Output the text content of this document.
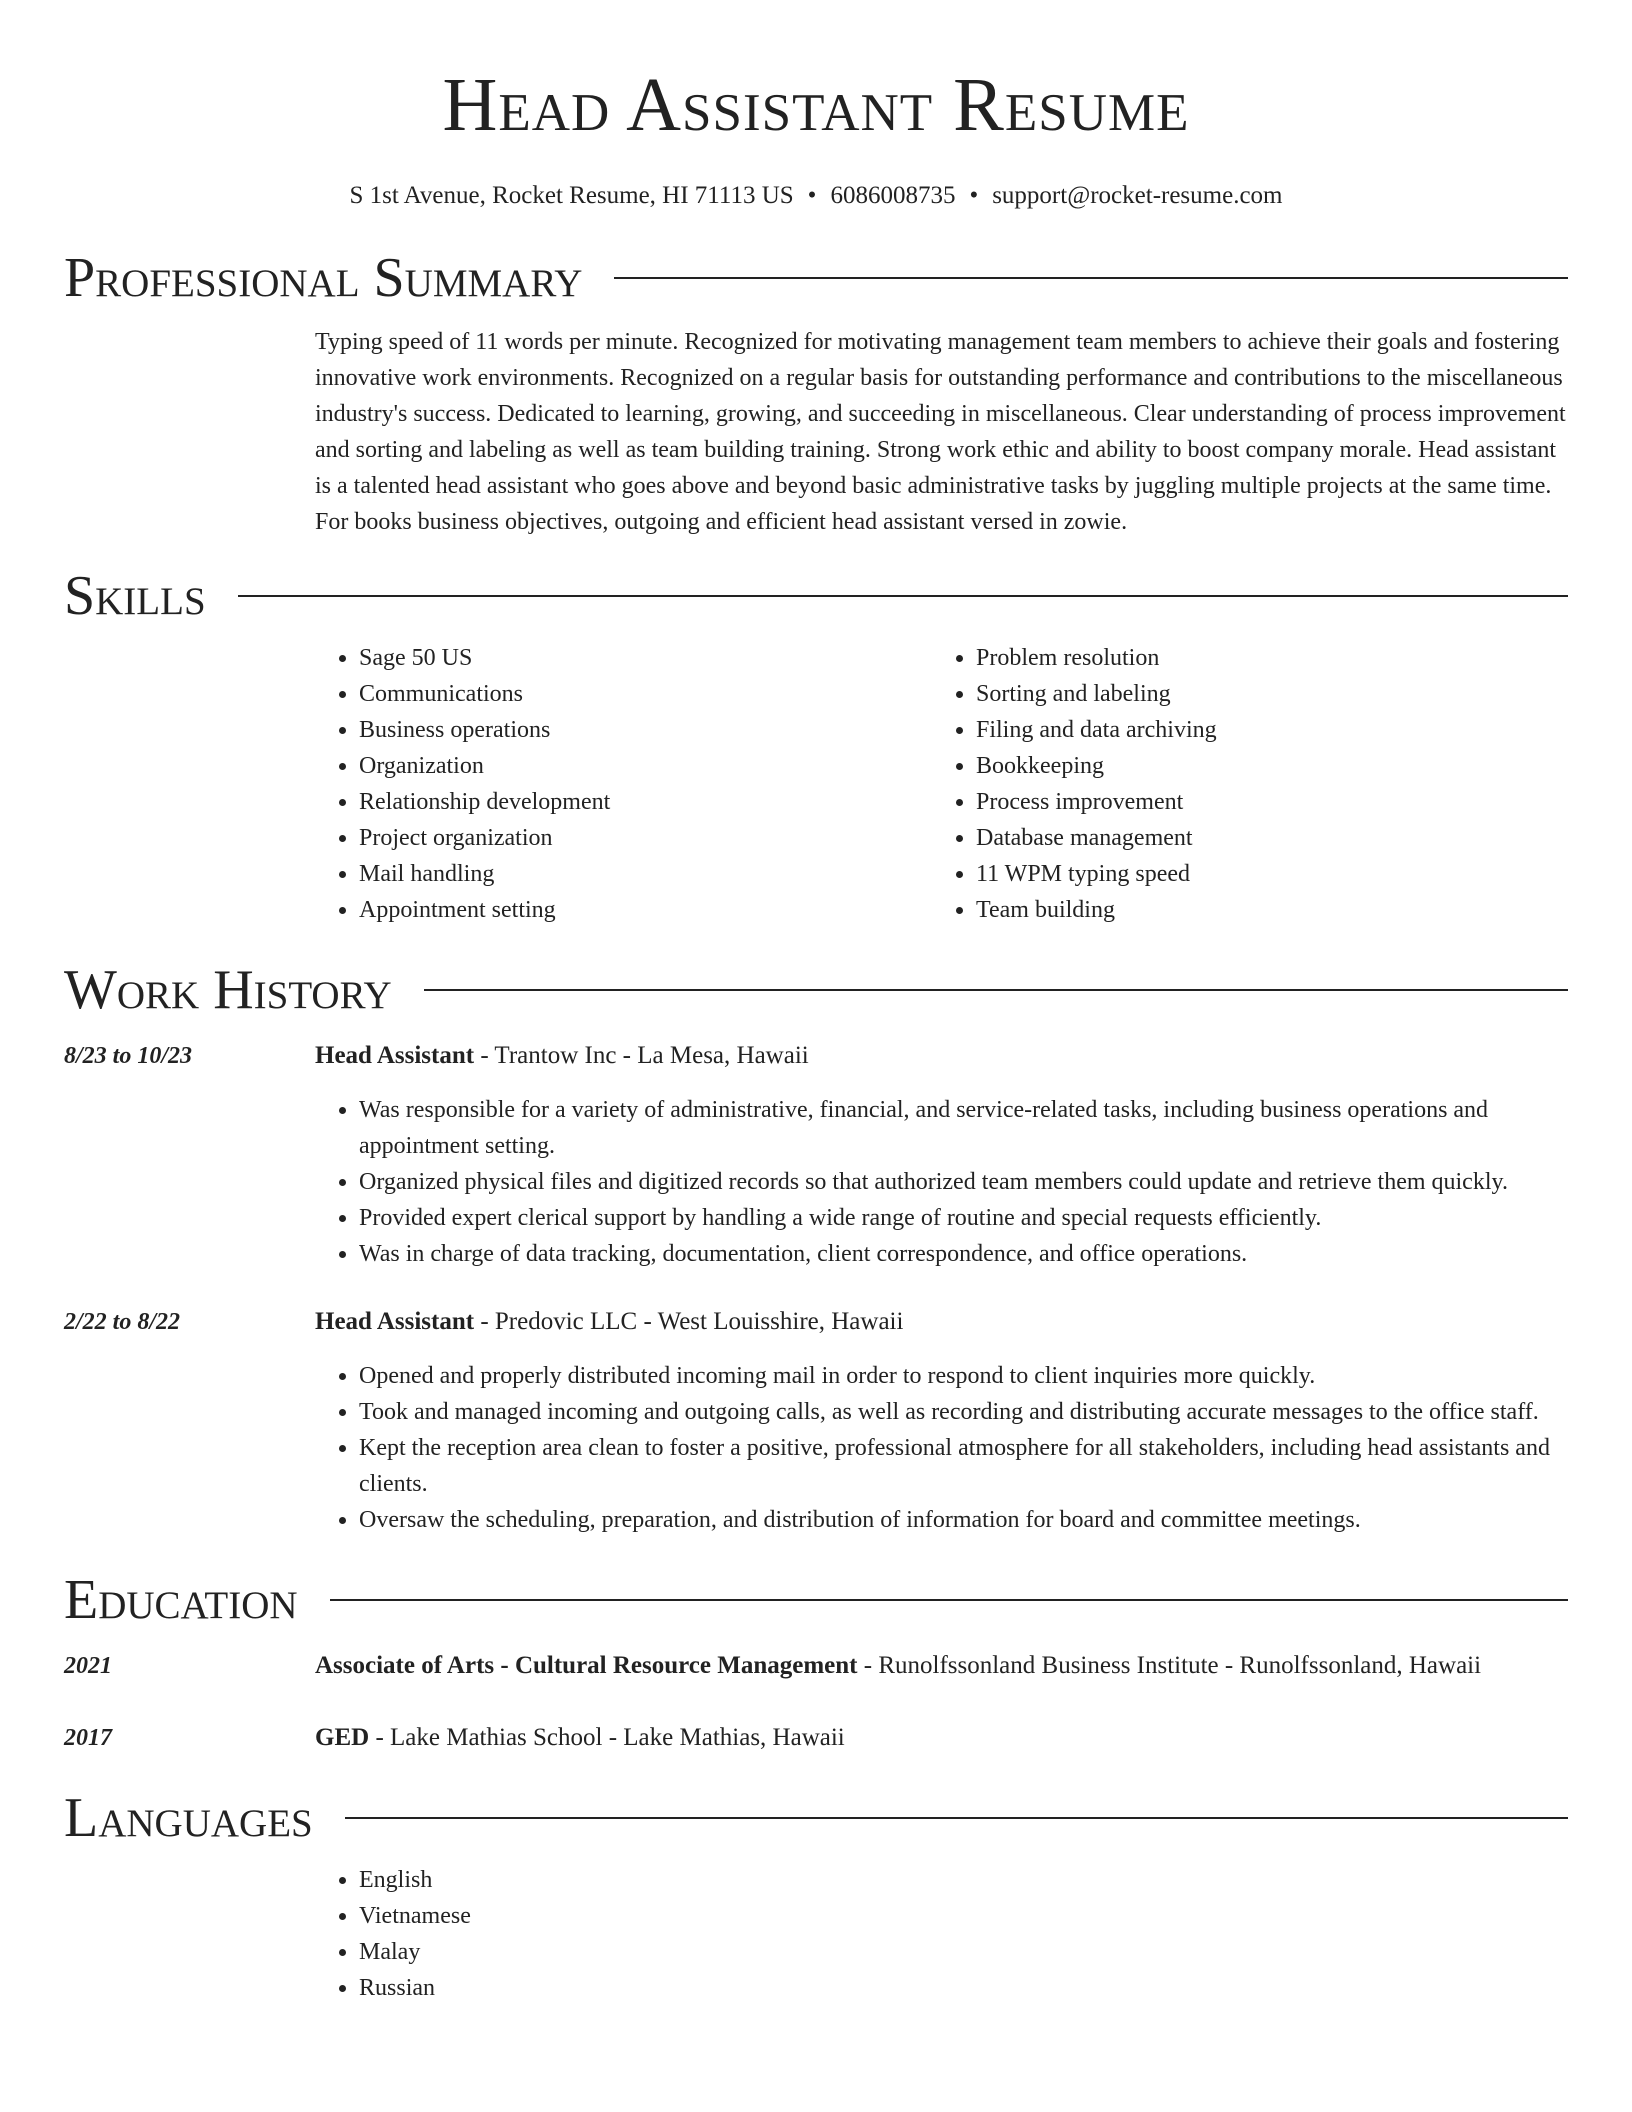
Head Assistant Resume
S 1st Avenue, Rocket Resume, HI 71113 US • 6086008735 • support@rocket-resume.com
Professional Summary

Typing speed of 11 words per minute. Recognized for motivating management team members to achieve their goals and fostering innovative work environments. Recognized on a regular basis for outstanding performance and contributions to the miscellaneous industry's success. Dedicated to learning, growing, and succeeding in miscellaneous. Clear understanding of process improvement and sorting and labeling as well as team building training. Strong work ethic and ability to boost company morale. Head assistant is a talented head assistant who goes above and beyond basic administrative tasks by juggling multiple projects at the same time. For books business objectives, outgoing and efficient head assistant versed in zowie.

Skills
• Sage 50 US
• Communications
• Business operations
• Organization
• Relationship development
• Project organization
• Mail handling
• Appointment setting
• Problem resolution
• Sorting and labeling
• Filing and data archiving
• Bookkeeping
• Process improvement
• Database management
• 11 WPM typing speed
• Team building
Work History
8/23 to 10/23	Head Assistant - Trantow Inc - La Mesa, Hawaii
• Was responsible for a variety of administrative, financial, and service-related tasks, including business operations and appointment setting.
• Organized physical files and digitized records so that authorized team members could update and retrieve them quickly.
• Provided expert clerical support by handling a wide range of routine and special requests efficiently.
• Was in charge of data tracking, documentation, client correspondence, and office operations.
2/22 to 8/22	Head Assistant - Predovic LLC - West Louisshire, Hawaii
• Opened and properly distributed incoming mail in order to respond to client inquiries more quickly.
• Took and managed incoming and outgoing calls, as well as recording and distributing accurate messages to the office staff.
• Kept the reception area clean to foster a positive, professional atmosphere for all stakeholders, including head assistants and clients.
• Oversaw the scheduling, preparation, and distribution of information for board and committee meetings.
Education
2021	Associate of Arts - Cultural Resource Management - Runolfssonland Business Institute - Runolfssonland, Hawaii
2017	GED - Lake Mathias School - Lake Mathias, Hawaii
Languages
• English
• Vietnamese
• Malay
• Russian
